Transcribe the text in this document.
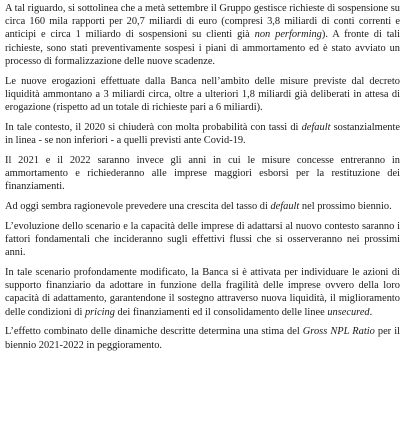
A tal riguardo, si sottolinea che a metà settembre il Gruppo gestisce richieste di sospensione su circa 160 mila rapporti per 20,7 miliardi di euro (compresi 3,8 miliardi di conti correnti e anticipi e circa 1 miliardo di sospensioni su clienti già non performing). A fronte di tali richieste, sono stati preventivamente sospesi i piani di ammortamento ed è stato avviato un processo di formalizzazione delle nuove scadenze.

Le nuove erogazioni effettuate dalla Banca nell’ambito delle misure previste dal decreto liquidità ammontano a 3 miliardi circa, oltre a ulteriori 1,8 miliardi già deliberati in attesa di erogazione (rispetto ad un totale di richieste pari a 6 miliardi).

In tale contesto, il 2020 si chiuderà con molta probabilità con tassi di default sostanzialmente in linea - se non inferiori - a quelli previsti ante Covid-19.

Il 2021 e il 2022 saranno invece gli anni in cui le misure concesse entreranno in ammortamento e richiederanno alle imprese maggiori esborsi per la restituzione dei finanziamenti.

Ad oggi sembra ragionevole prevedere una crescita del tasso di default nel prossimo biennio.

L’evoluzione dello scenario e la capacità delle imprese di adattarsi al nuovo contesto saranno i fattori fondamentali che incideranno sugli effettivi flussi che si osserveranno nei prossimi anni.

In tale scenario profondamente modificato, la Banca si è attivata per individuare le azioni di supporto finanziario da adottare in funzione della fragilità delle imprese ovvero della loro capacità di adattamento, garantendone il sostegno attraverso nuova liquidità, il miglioramento delle condizioni di pricing dei finanziamenti ed il consolidamento delle linee unsecured.

L’effetto combinato delle dinamiche descritte determina una stima del Gross NPL Ratio per il biennio 2021-2022 in peggioramento.
